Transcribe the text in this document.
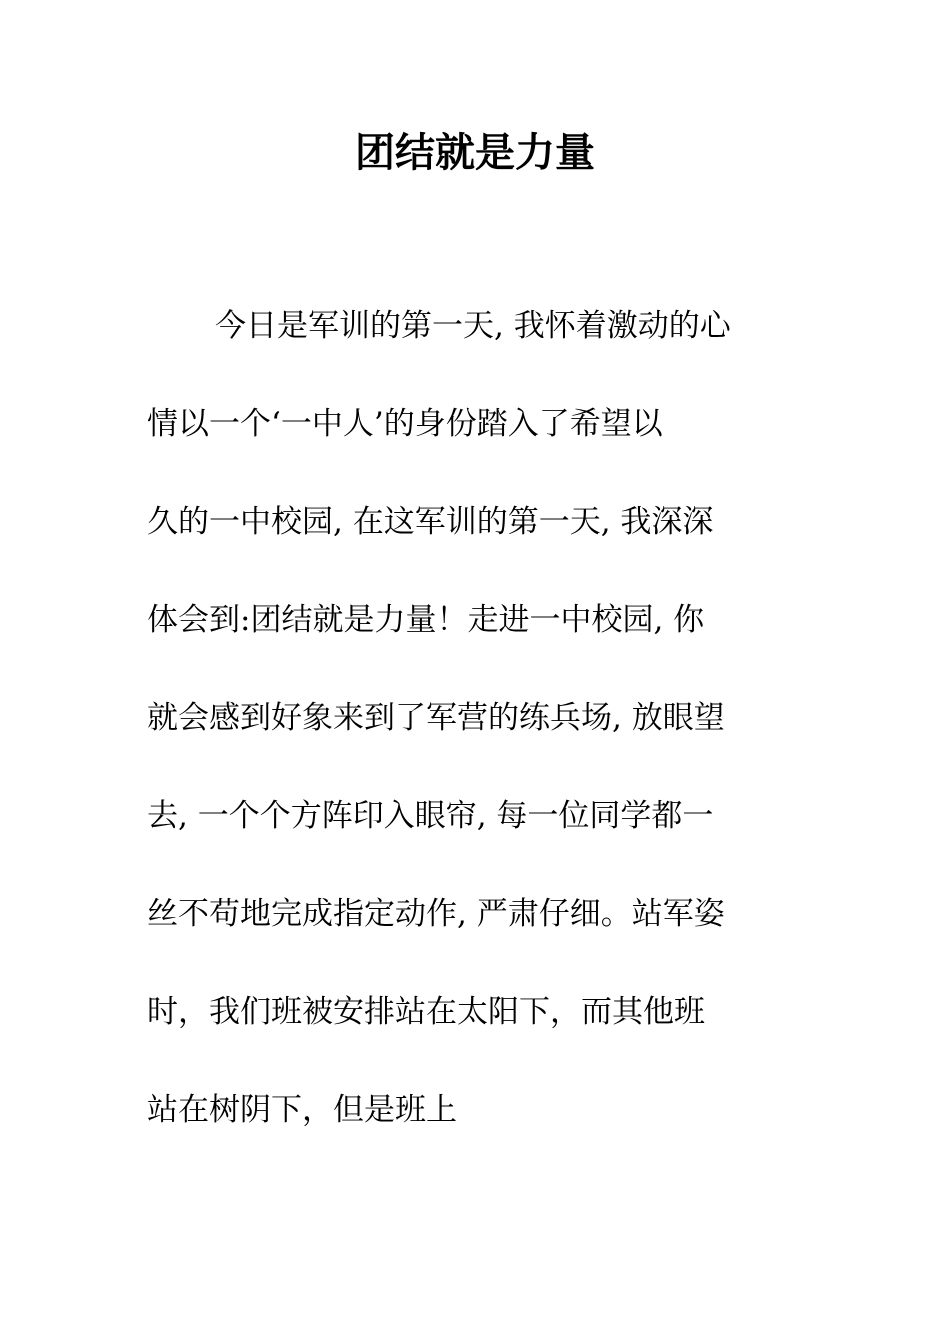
团结就是力量
今日是军训的第一天, 我怀着激动的心
情以一个‘一中人’的身份踏入了希望以
久的一中校园, 在这军训的第一天, 我深深
体会到:团结就是力量！走进一中校园, 你
就会感到好象来到了军营的练兵场, 放眼望
去, 一个个方阵印入眼帘, 每一位同学都一
丝不苟地完成指定动作, 严肃仔细。站军姿
时，我们班被安排站在太阳下，而其他班
站在树阴下，但是班上
